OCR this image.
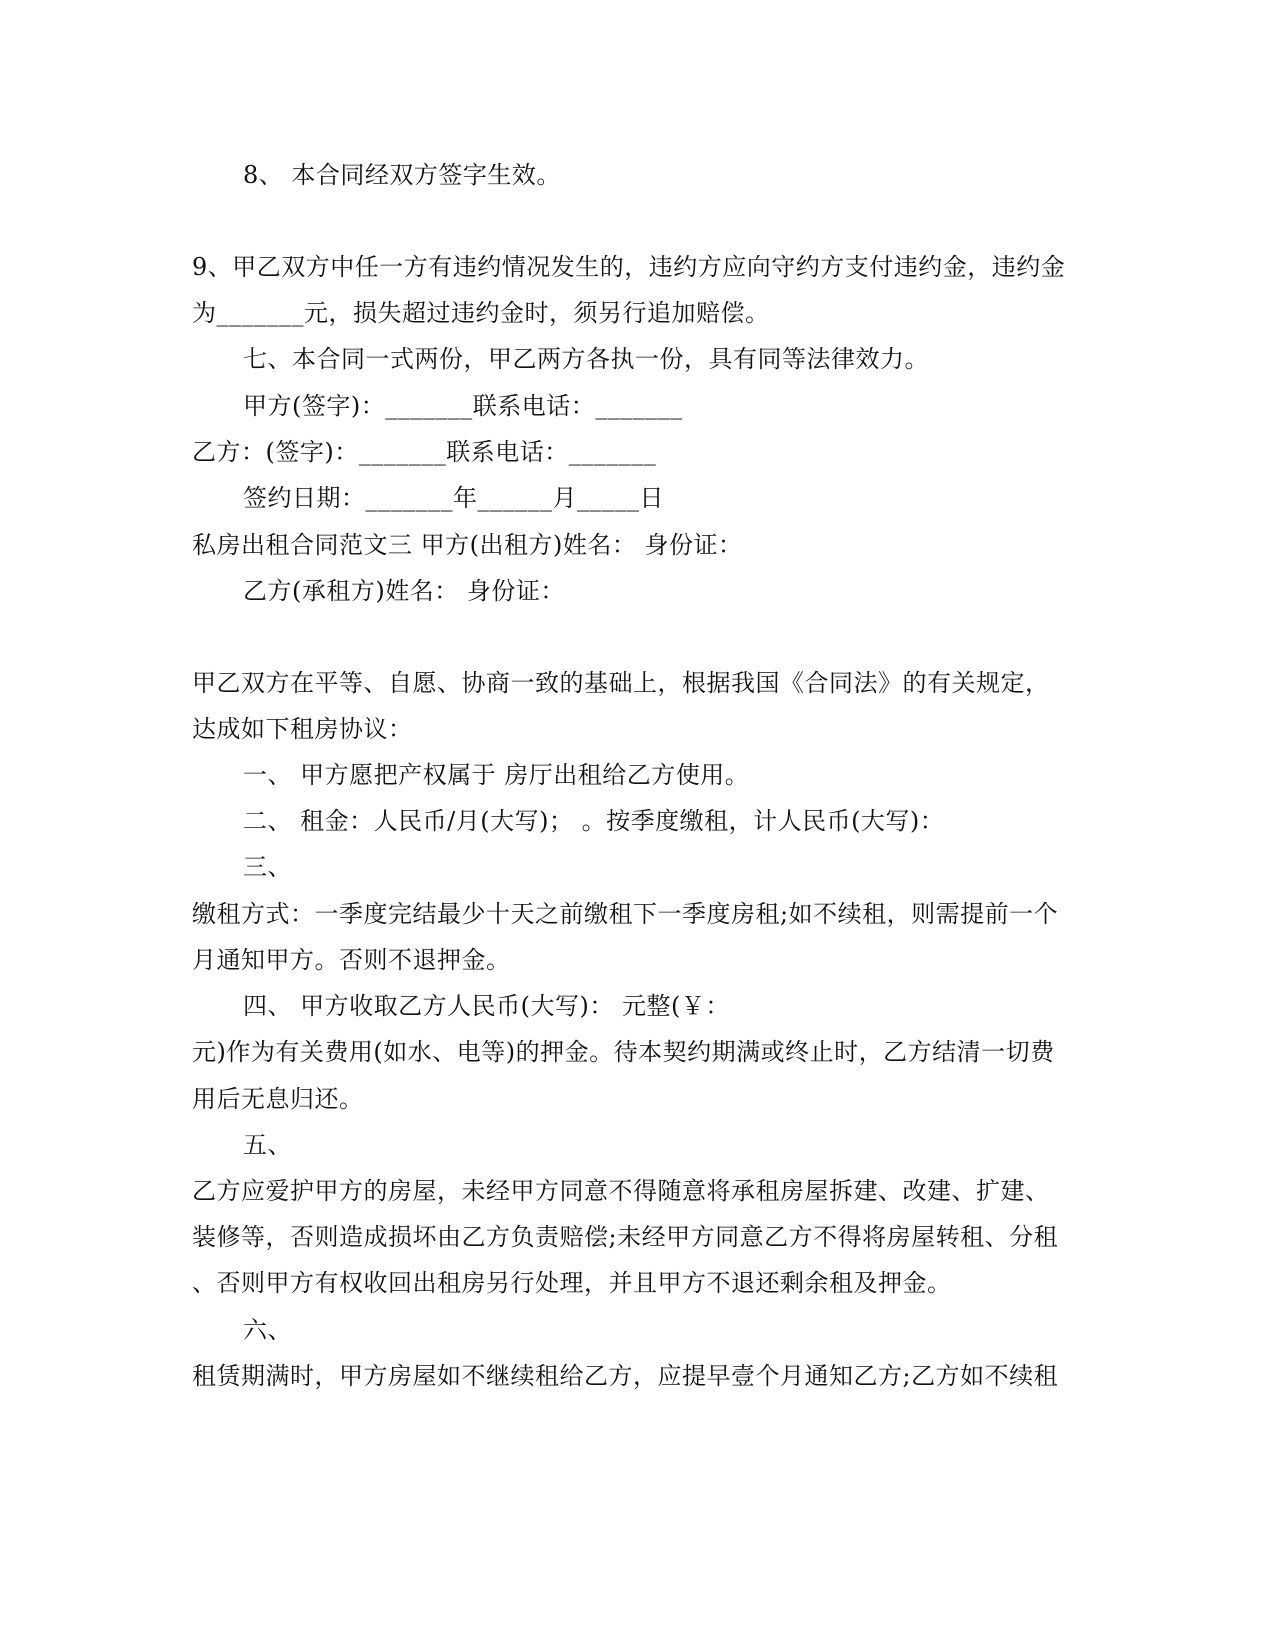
8、 本合同经双方签字生效。
9、甲乙双方中任一方有违约情况发生的，违约方应向守约方支付违约金，违约金
为_______元，损失超过违约金时，须另行追加赔偿。
七、本合同一式两份，甲乙两方各执一份，具有同等法律效力。
甲方(签字)：_______联系电话：_______
乙方：(签字)：_______联系电话：_______
签约日期：_______年______月_____日
私房出租合同范文三 甲方(出租方)姓名： 身份证：
乙方(承租方)姓名： 身份证：
甲乙双方在平等、自愿、协商一致的基础上，根据我国《合同法》的有关规定，
达成如下租房协议：
一、 甲方愿把产权属于 房厅出租给乙方使用。
二、 租金：人民币/月(大写)； 。按季度缴租，计人民币(大写)：
三、
缴租方式：一季度完结最少十天之前缴租下一季度房租;如不续租，则需提前一个
月通知甲方。否则不退押金。
四、 甲方收取乙方人民币(大写)： 元整(￥：
元)作为有关费用(如水、电等)的押金。待本契约期满或终止时，乙方结清一切费
用后无息归还。
五、
乙方应爱护甲方的房屋，未经甲方同意不得随意将承租房屋拆建、改建、扩建、
装修等，否则造成损坏由乙方负责赔偿;未经甲方同意乙方不得将房屋转租、分租
、否则甲方有权收回出租房另行处理，并且甲方不退还剩余租及押金。
六、
租赁期满时，甲方房屋如不继续租给乙方，应提早壹个月通知乙方;乙方如不续租
